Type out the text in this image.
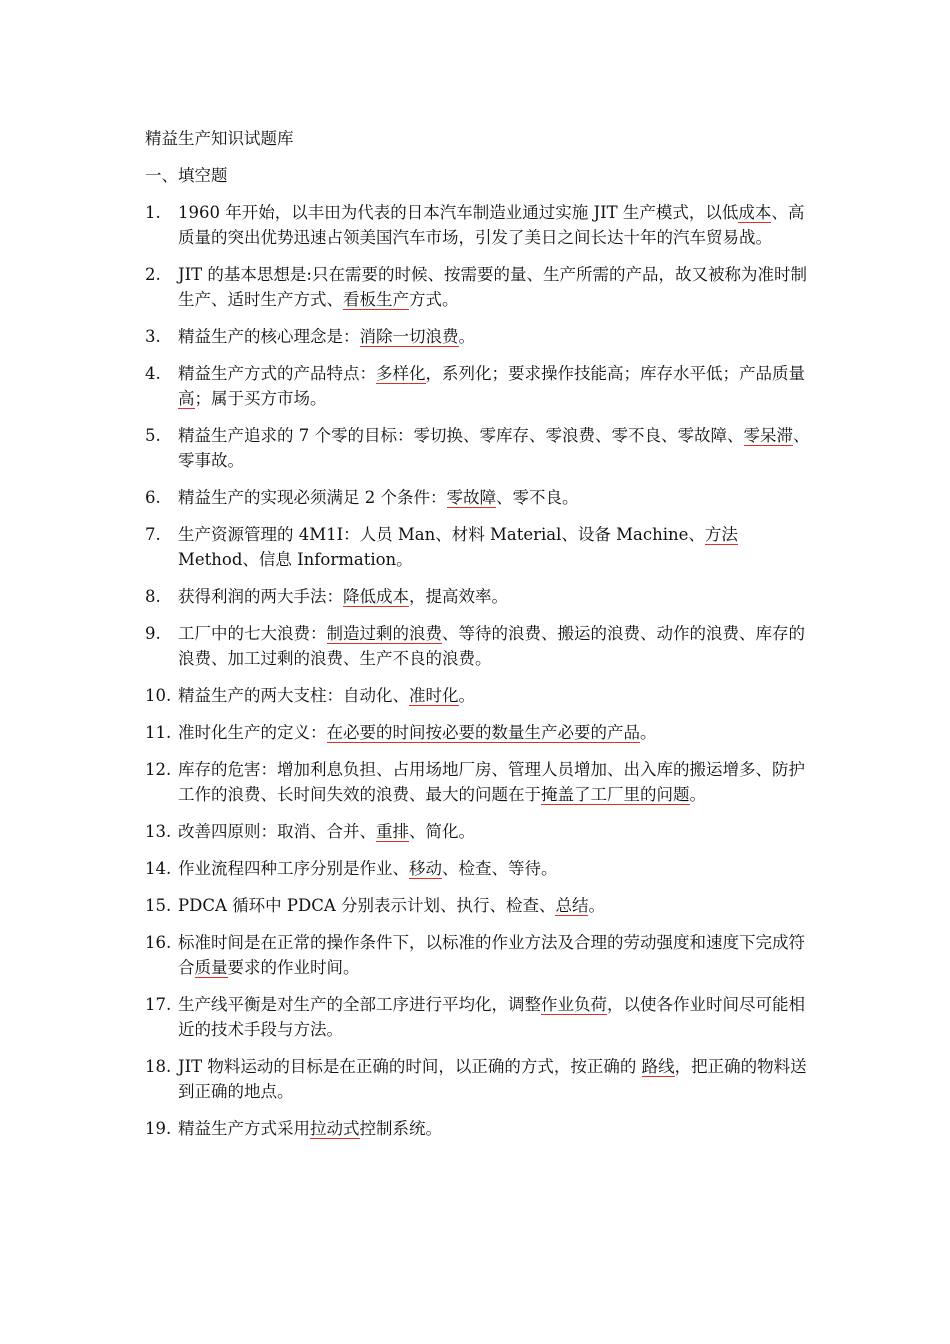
精益生产知识试题库
一、填空题
1.	1960 年开始，以丰田为代表的日本汽车制造业通过实施 JIT 生产模式，以低成本、高质量的突出优势迅速占领美国汽车市场，引发了美日之间长达十年的汽车贸易战。
2.	JIT 的基本思想是:只在需要的时候、按需要的量、生产所需的产品，故又被称为准时制生产、适时生产方式、看板生产方式。
3.	精益生产的核心理念是：消除一切浪费。
4.	精益生产方式的产品特点：多样化，系列化；要求操作技能高；库存水平低；产品质量高；属于买方市场。
5.	精益生产追求的 7 个零的目标：零切换、零库存、零浪费、零不良、零故障、零呆滞、零事故。
6.	精益生产的实现必须满足 2 个条件：零故障、零不良。
7.	生产资源管理的 4M1I：人员 Man、材料 Material、设备 Machine、方法 Method、信息 Information。
8.	获得利润的两大手法：降低成本，提高效率。
9.	工厂中的七大浪费：制造过剩的浪费、等待的浪费、搬运的浪费、动作的浪费、库存的浪费、加工过剩的浪费、生产不良的浪费。
10. 精益生产的两大支柱：自动化、准时化。
11. 准时化生产的定义：在必要的时间按必要的数量生产必要的产品。
12. 库存的危害：增加利息负担、占用场地厂房、管理人员增加、出入库的搬运增多、防护工作的浪费、长时间失效的浪费、最大的问题在于掩盖了工厂里的问题。
13. 改善四原则：取消、合并、重排、简化。
14. 作业流程四种工序分别是作业、移动、检查、等待。
15. PDCA 循环中 PDCA 分别表示计划、执行、检查、总结。
16. 标准时间是在正常的操作条件下，以标准的作业方法及合理的劳动强度和速度下完成符合质量要求的作业时间。
17. 生产线平衡是对生产的全部工序进行平均化，调整作业负荷，以使各作业时间尽可能相近的技术手段与方法。
18. JIT 物料运动的目标是在正确的时间，以正确的方式，按正确的 路线，把正确的物料送到正确的地点。
19. 精益生产方式采用拉动式控制系统。
